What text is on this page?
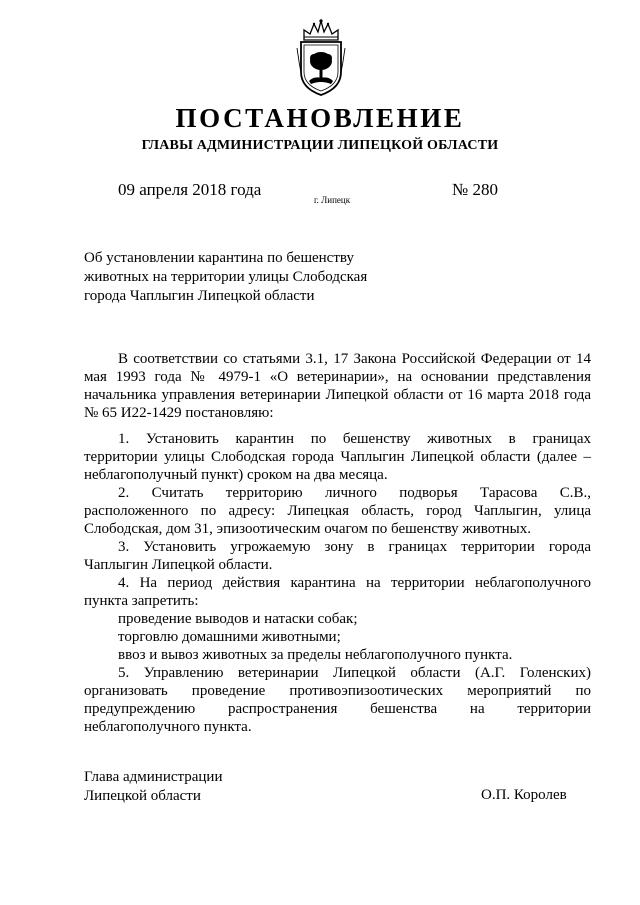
ПОСТАНОВЛЕНИЕ
ГЛАВЫ АДМИНИСТРАЦИИ ЛИПЕЦКОЙ ОБЛАСТИ
09 апреля 2018 года
г. Липецк
№ 280
Об установлении карантина по бешенству
животных на территории улицы Слободская
города Чаплыгин Липецкой области
В соответствии со статьями 3.1, 17 Закона Российской Федерации от 14
мая 1993 года № 4979-1 «О ветеринарии», на основании представления
начальника управления ветеринарии Липецкой области от 16 марта 2018 года
№ 65 И22-1429 постановляю:
1. Установить карантин по бешенству животных в границах
территории улицы Слободская города Чаплыгин Липецкой области (далее –
неблагополучный пункт) сроком на два месяца.
2. Считать территорию личного подворья Тарасова С.В.,
расположенного по адресу: Липецкая область, город Чаплыгин, улица
Слободская, дом 31, эпизоотическим очагом по бешенству животных.
3. Установить угрожаемую зону в границах территории города
Чаплыгин Липецкой области.
4. На период действия карантина на территории неблагополучного
пункта запретить:
проведение выводов и натаски собак;
торговлю домашними животными;
ввоз и вывоз животных за пределы неблагополучного пункта.
5. Управлению ветеринарии Липецкой области (А.Г. Голенских)
организовать проведение противоэпизоотических мероприятий по
предупреждению распространения бешенства на территории
неблагополучного пункта.
Глава администрации
Липецкой области	О.П. Королев
